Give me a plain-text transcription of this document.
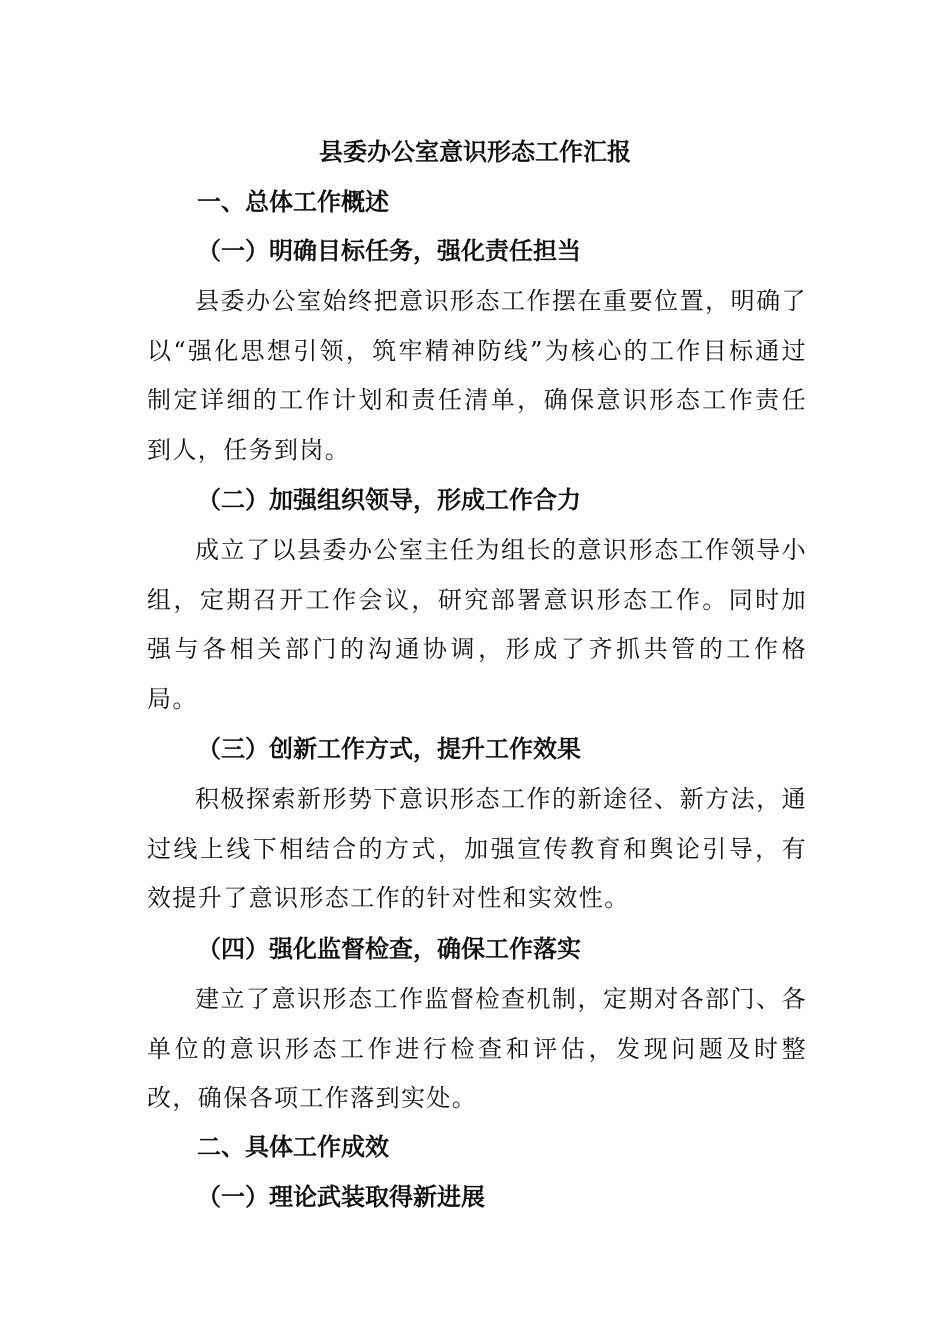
县委办公室意识形态工作汇报
一、总体工作概述
（一）明确目标任务，强化责任担当

县委办公室始终把意识形态工作摆在重要位置，明确了以“强化思想引领，筑牢精神防线”为核心的工作目标通过制定详细的工作计划和责任清单，确保意识形态工作责任到人，任务到岗。

（二）加强组织领导，形成工作合力

成立了以县委办公室主任为组长的意识形态工作领导小组，定期召开工作会议，研究部署意识形态工作。同时加强与各相关部门的沟通协调，形成了齐抓共管的工作格局。

（三）创新工作方式，提升工作效果

积极探索新形势下意识形态工作的新途径、新方法，通过线上线下相结合的方式，加强宣传教育和舆论引导，有效提升了意识形态工作的针对性和实效性。

（四）强化监督检查，确保工作落实

建立了意识形态工作监督检查机制，定期对各部门、各单位的意识形态工作进行检查和评估，发现问题及时整改，确保各项工作落到实处。

二、具体工作成效
（一）理论武装取得新进展
